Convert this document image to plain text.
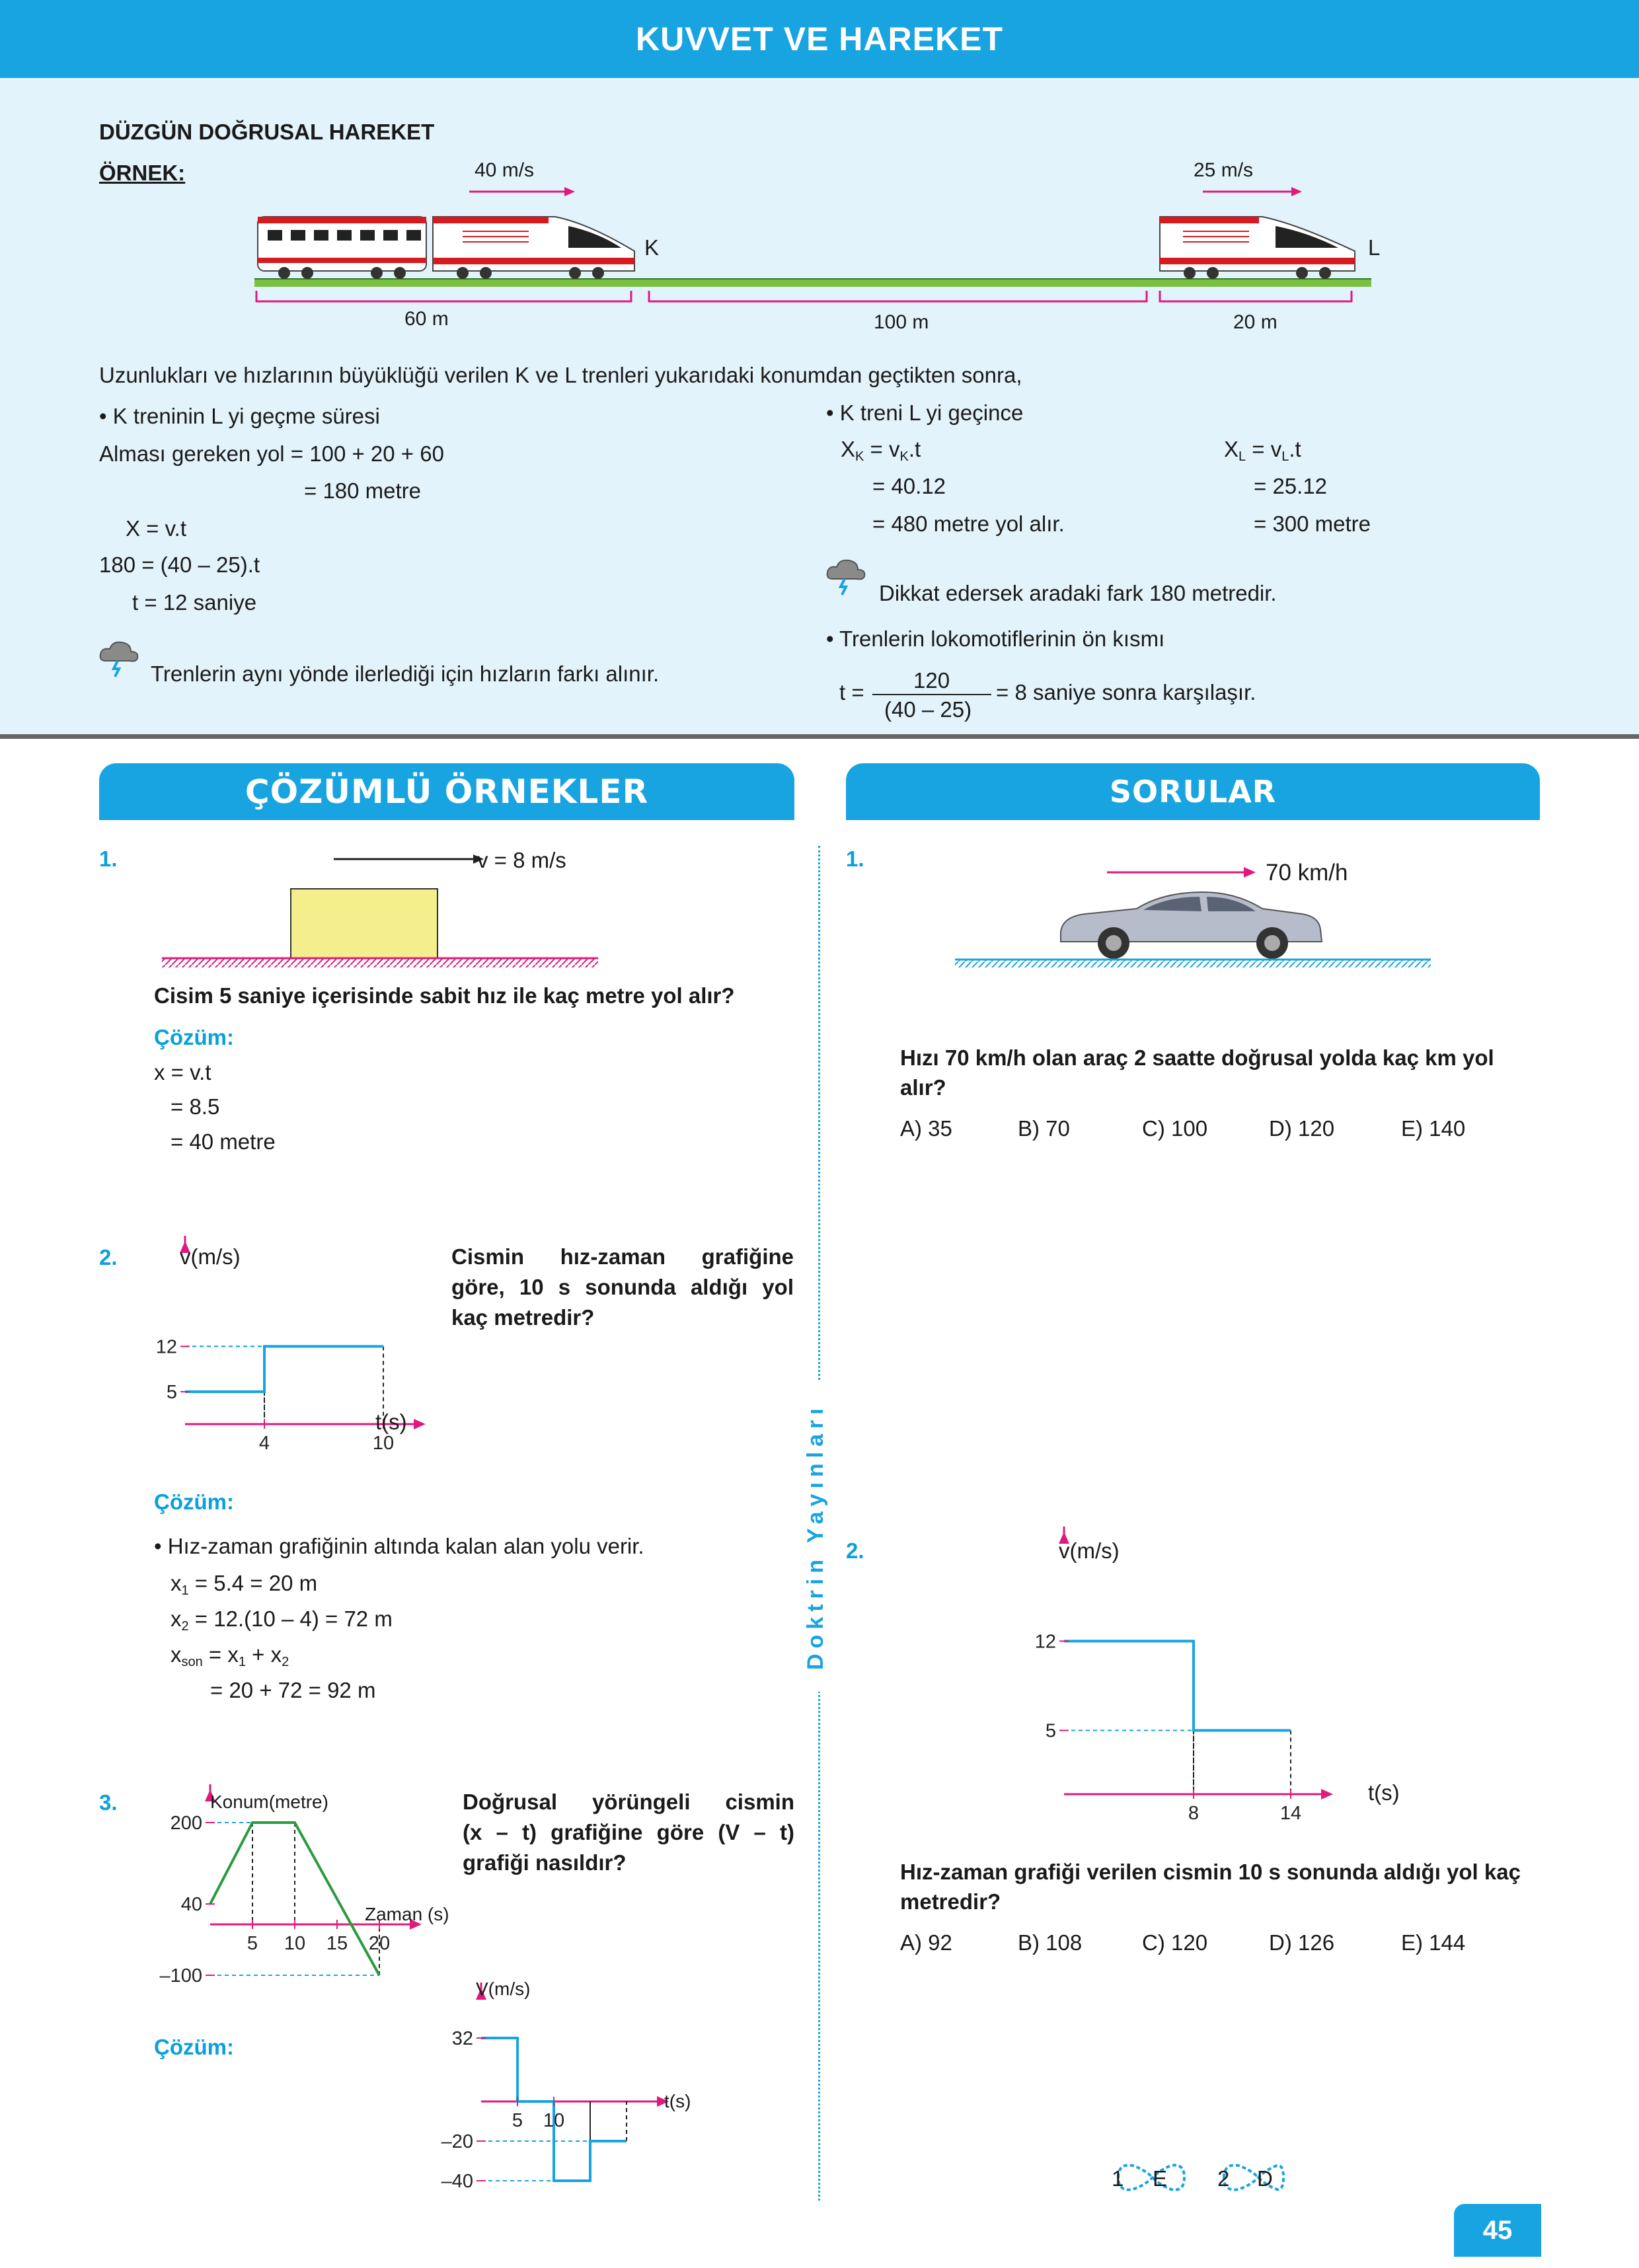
KUVVET VE HAREKET
DÜZGÜN DOĞRUSAL HAREKET
ÖRNEK:	40 m/s	25 m/s
K	L
60 m	100 m	20 m
Uzunlukları ve hızlarının büyüklüğü verilen K ve L trenleri yukarıdaki konumdan geçtikten sonra,
• K treninin L yi geçme süresi
Alması gereken yol = 100 + 20 + 60
= 180 metre
X = v.t
180 = (40 – 25).t
t = 12 saniye
Trenlerin aynı yönde ilerlediği için hızların farkı alınır.
• K treni L yi geçince
$X_K = v_K.t$
= 40.12
= 480 metre yol alır.
$X_L = v_L.t$
= 25.12
= 300 metre
Dikkat edersek aradaki fark 180 metredir.
• Trenlerin lokomotiflerinin ön kısmı
t = 120
(40 – 25)
= 8 saniye sonra karşılaşır.
ÇÖZÜMLÜ ÖRNEKLER	SORULAR
Doktrin Yayınları
1.	v = 8 m/s
Cisim 5 saniye içerisinde sabit hız ile kaç metre yol alır?
Çözüm:
x = v.t
= 8.5
= 40 metre
2.
4	10
5
12
v(m/s)
t(s)
Cismin hız-zaman grafiğine
göre, 10 s sonunda aldığı yol
kaç metredir?
Çözüm:
• Hız-zaman grafiğinin altında kalan alan yolu verir.
$x_1 = 5.4 = 20$ m
$x_2 = 12.(10 - 4) = 72$ m
$x_{son} = x_1 + x_2$
= 20 + 72 = 92 m
3.
5 10 15 20
200
40
–100
Konum(metre)
Zaman (s)
Doğrusal yörüngeli cismin
(x – t) grafiğine göre (V – t)
grafiği nasıldır?
Çözüm:
5 10
32
–20
–40
V(m/s)
t(s)
1.
70 km/h
Hızı 70 km/h olan araç 2 saatte doğrusal yolda kaç km yol alır?
A) 35	B) 70	C) 100	D) 120	E) 140
2.
8	14
5
12
v(m/s)
t(s)
Hız-zaman grafiği verilen cismin 10 s sonunda aldığı yol kaç metredir?
A) 92	B) 108	C) 120	D) 126	E) 144
1 E 2 D
45
